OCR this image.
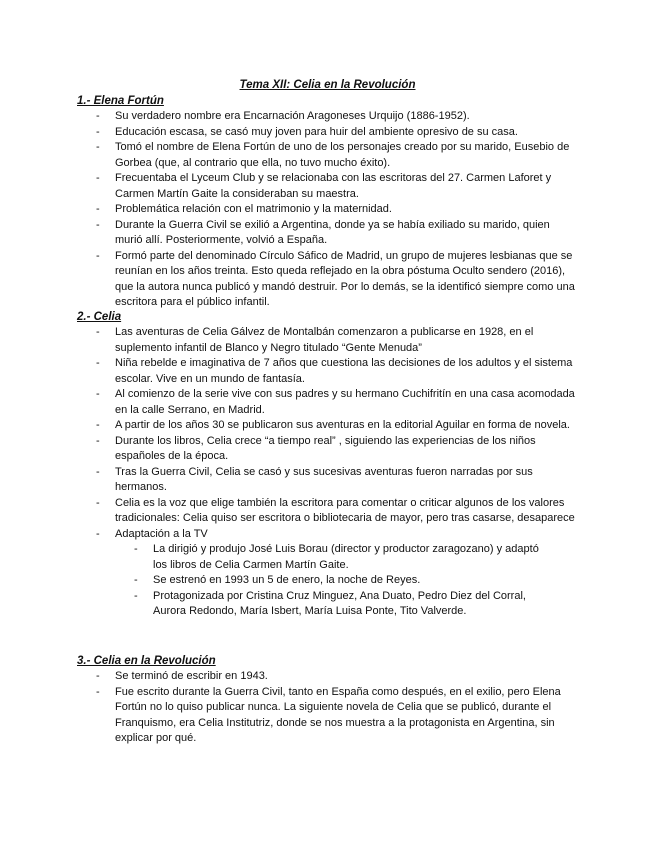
Tema XII: Celia en la Revolución
1.- Elena Fortún
- Su verdadero nombre era Encarnación Aragoneses Urquijo (1886-1952).
- Educación escasa, se casó muy joven para huir del ambiente opresivo de su casa.
- Tomó el nombre de Elena Fortún de uno de los personajes creado por su marido, Eusebio de Gorbea (que, al contrario que ella, no tuvo mucho éxito).
- Frecuentaba el Lyceum Club y se relacionaba con las escritoras del 27. Carmen Laforet y Carmen Martín Gaite la consideraban su maestra.
- Problemática relación con el matrimonio y la maternidad.
- Durante la Guerra Civil se exilió a Argentina, donde ya se había exiliado su marido, quien murió allí. Posteriormente, volvió a España.
- Formó parte del denominado Círculo Sáfico de Madrid, un grupo de mujeres lesbianas que se reunían en los años treinta. Esto queda reflejado en la obra póstuma Oculto sendero (2016), que la autora nunca publicó y mandó destruir. Por lo demás, se la identificó siempre como una escritora para el público infantil.
2.- Celia
- Las aventuras de Celia Gálvez de Montalbán comenzaron a publicarse en 1928, en el suplemento infantil de Blanco y Negro titulado “Gente Menuda”
- Niña rebelde e imaginativa de 7 años que cuestiona las decisiones de los adultos y el sistema escolar. Vive en un mundo de fantasía.
- Al comienzo de la serie vive con sus padres y su hermano Cuchifritín en una casa acomodada en la calle Serrano, en Madrid.
- A partir de los años 30 se publicaron sus aventuras en la editorial Aguilar en forma de novela.
- Durante los libros, Celia crece “a tiempo real” , siguiendo las experiencias de los niños españoles de la época.
- Tras la Guerra Civil, Celia se casó y sus sucesivas aventuras fueron narradas por sus hermanos.
- Celia es la voz que elige también la escritora para comentar o criticar algunos de los valores tradicionales: Celia quiso ser escritora o bibliotecaria de mayor, pero tras casarse, desaparece
- Adaptación a la TV
- La dirigió y produjo José Luis Borau (director y productor zaragozano) y adaptó los libros de Celia Carmen Martín Gaite.
- Se estrenó en 1993 un 5 de enero, la noche de Reyes.
- Protagonizada por Cristina Cruz Minguez, Ana Duato, Pedro Diez del Corral, Aurora Redondo, María Isbert, María Luisa Ponte, Tito Valverde.
3.- Celia en la Revolución
- Se terminó de escribir en 1943.
- Fue escrito durante la Guerra Civil, tanto en España como después, en el exilio, pero Elena Fortún no lo quiso publicar nunca. La siguiente novela de Celia que se publicó, durante el Franquismo, era Celia Institutriz, donde se nos muestra a la protagonista en Argentina, sin explicar por qué.
